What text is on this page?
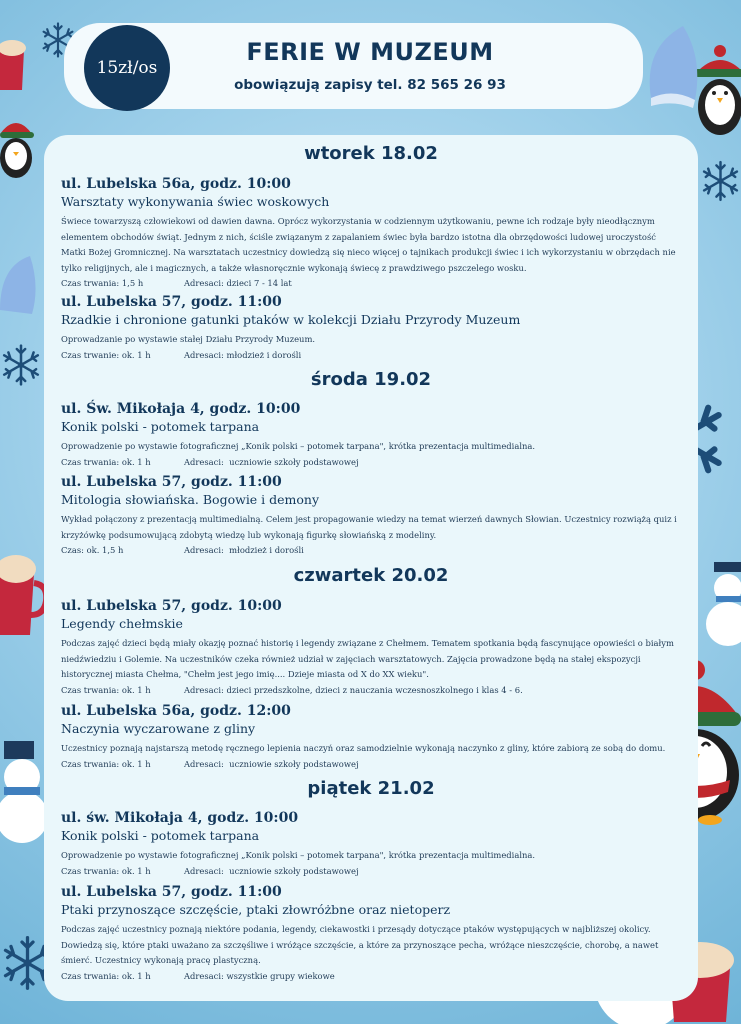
15zł/os
FERIE W MUZEUM
obowiązują zapisy tel. 82 565 26 93
wtorek 18.02
ul. Lubelska 56a, godz. 10:00
Warsztaty wykonywania świec woskowych
Świece towarzyszą człowiekowi od dawien dawna. Oprócz wykorzystania w codziennym użytkowaniu, pewne ich rodzaje były nieodłącznym elementem obchodów świąt. Jednym z nich, ściśle związanym z zapalaniem świec była bardzo istotna dla obrzędowości ludowej uroczystość Matki Bożej Gromnicznej. Na warsztatach uczestnicy dowiedzą się nieco więcej o tajnikach produkcji świec i ich wykorzystaniu w obrzędach nie tylko religijnych, ale i magicznych, a także własnoręcznie wykonają świecę z prawdziwego pszczelego wosku.
Czas trwania: 1,5 h	Adresaci: dzieci 7 - 14 lat
ul. Lubelska 57, godz. 11:00
Rzadkie i chronione gatunki ptaków w kolekcji Działu Przyrody Muzeum
Oprowadzanie po wystawie stałej Działu Przyrody Muzeum.
Czas trwanie: ok. 1 h	Adresaci: młodzież i dorośli
środa 19.02
ul. Św. Mikołaja 4, godz. 10:00
Konik polski - potomek tarpana
Oprowadzenie po wystawie fotograficznej „Konik polski – potomek tarpana", krótka prezentacja multimedialna.
Czas trwania: ok. 1 h	Adresaci:  uczniowie szkoły podstawowej
ul. Lubelska 57, godz. 11:00
Mitologia słowiańska. Bogowie i demony
Wykład połączony z prezentacją multimedialną. Celem jest propagowanie wiedzy na temat wierzeń dawnych Słowian. Uczestnicy rozwiążą quiz i krzyżówkę podsumowującą zdobytą wiedzę lub wykonają figurkę słowiańską z modeliny.
Czas: ok. 1,5 h	Adresaci:  młodzież i dorośli
czwartek 20.02
ul. Lubelska 57, godz. 10:00
Legendy chełmskie
Podczas zajęć dzieci będą miały okazję poznać historię i legendy związane z Chełmem. Tematem spotkania będą fascynujące opowieści o białym niedźwiedziu i Golemie. Na uczestników czeka również udział w zajęciach warsztatowych. Zajęcia prowadzone będą na stałej ekspozycji historycznej miasta Chełma, "Chełm jest jego imię.... Dzieje miasta od X do XX wieku".
Czas trwania: ok. 1 h	Adresaci: dzieci przedszkolne, dzieci z nauczania wczesnoszkolnego i klas 4 - 6.
ul. Lubelska 56a, godz. 12:00
Naczynia wyczarowane z gliny
Uczestnicy poznają najstarszą metodę ręcznego lepienia naczyń oraz samodzielnie wykonają naczynko z gliny, które zabiorą ze sobą do domu.
Czas trwania: ok. 1 h	Adresaci:  uczniowie szkoły podstawowej
piątek 21.02
ul. św. Mikołaja 4, godz. 10:00
Konik polski - potomek tarpana
Oprowadzenie po wystawie fotograficznej „Konik polski – potomek tarpana", krótka prezentacja multimedialna.
Czas trwania: ok. 1 h	Adresaci:  uczniowie szkoły podstawowej
ul. Lubelska 57, godz. 11:00
Ptaki przynoszące szczęście, ptaki złowróżbne oraz nietoperz
Podczas zajęć uczestnicy poznają niektóre podania, legendy, ciekawostki i przesądy dotyczące ptaków występujących w najbliższej okolicy. Dowiedzą się, które ptaki uważano za szczęśliwe i wróżące szczęście, a które za przynoszące pecha, wróżące nieszczęście, chorobę, a nawet śmierć. Uczestnicy wykonają pracę plastyczną.
Czas trwania: ok. 1 h	Adresaci: wszystkie grupy wiekowe
